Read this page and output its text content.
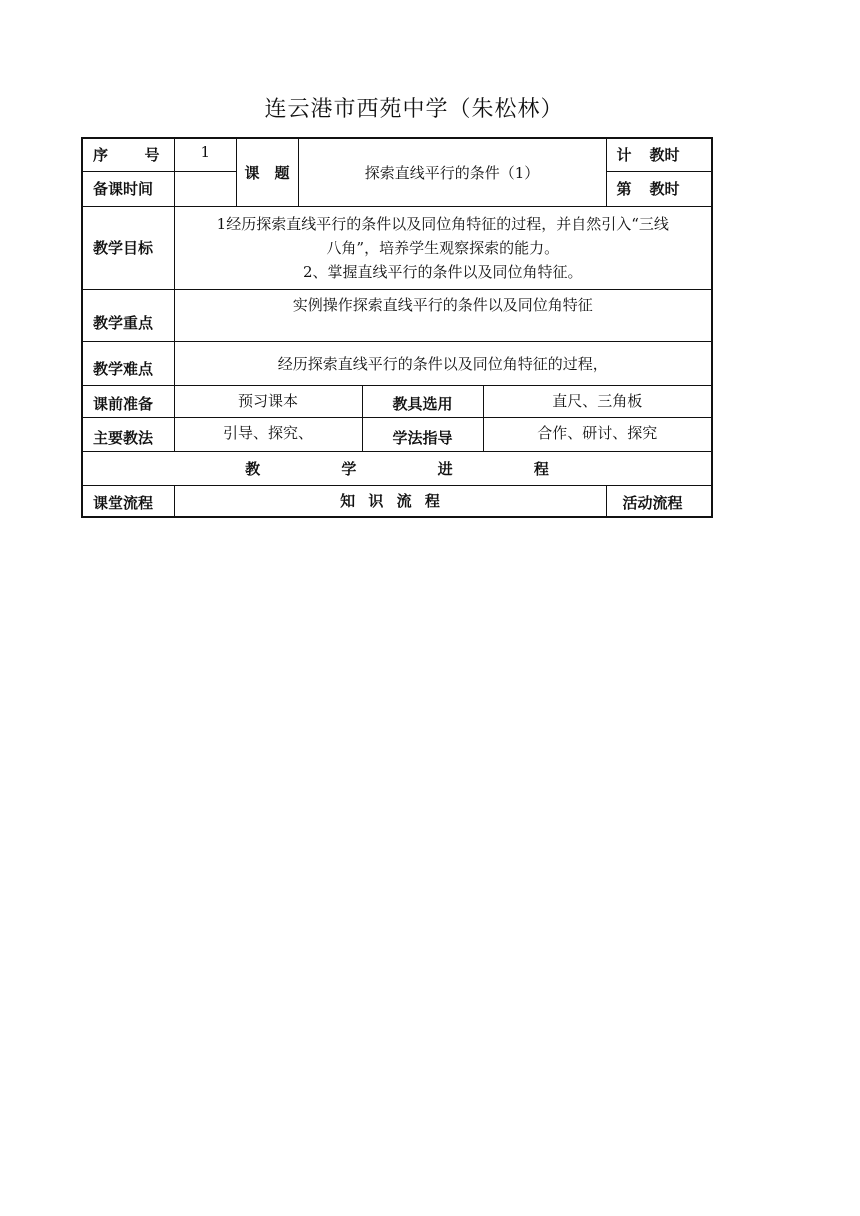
连云港市西苑中学（朱松林）
序 号	1	课　题	探索直线平行的条件（1）			计 教时

备课时间						第 教时

教学目标	1经历探索直线平行的条件以及同位角特征的过程，并自然引入“三线
八角”，培养学生观察探索的能力。
2、掌握直线平行的条件以及同位角特征。					

教学重点	实例操作探索直线平行的条件以及同位角特征					
教学难点	经历探索直线平行的条件以及同位角特征的过程，					
课前准备	预习课本			教具选用	直尺、三角板	
主要教法	引导、探究、			学法指导	合作、研讨、探究	
教 学 进 程						
课堂流程	知 识 流 程					活动流程
